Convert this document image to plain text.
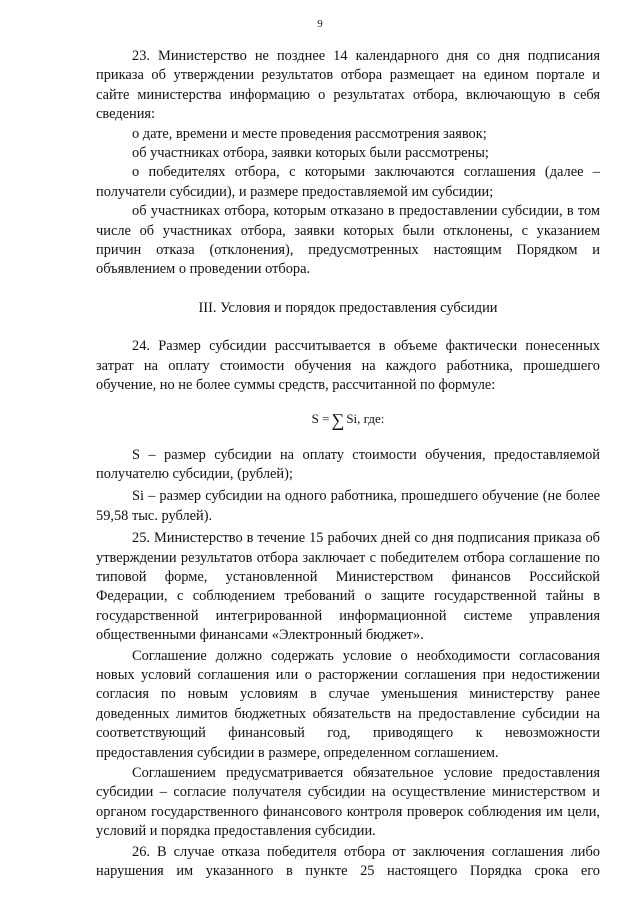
9

23. Министерство не позднее 14 календарного дня со дня подписания приказа об утверждении результатов отбора размещает на едином портале и сайте министерства информацию о результатах отбора, включающую в себя сведения:

о дате, времени и месте проведения рассмотрения заявок;

об участниках отбора, заявки которых были рассмотрены;

о победителях отбора, с которыми заключаются соглашения (далее – получатели субсидии), и размере предоставляемой им субсидии;

об участниках отбора, которым отказано в предоставлении субсидии, в том числе об участниках отбора, заявки которых были отклонены, с указанием причин отказа (отклонения), предусмотренных настоящим Порядком и объявлением о проведении отбора.

III. Условия и порядок предоставления субсидии

24. Размер субсидии рассчитывается в объеме фактически понесенных затрат на оплату стоимости обучения на каждого работника, прошедшего обучение, но не более суммы средств, рассчитанной по формуле:

S = ∑ Si, где:

S – размер субсидии на оплату стоимости обучения, предоставляемой получателю субсидии, (рублей);

Si – размер субсидии на одного работника, прошедшего обучение (не более 59,58 тыс. рублей).

25. Министерство в течение 15 рабочих дней со дня подписания приказа об утверждении результатов отбора заключает с победителем отбора соглашение по типовой форме, установленной Министерством финансов Российской Федерации, с соблюдением требований о защите государственной тайны в государственной интегрированной информационной системе управления общественными финансами «Электронный бюджет».

Соглашение должно содержать условие о необходимости согласования новых условий соглашения или о расторжении соглашения при недостижении согласия по новым условиям в случае уменьшения министерству ранее доведенных лимитов бюджетных обязательств на предоставление субсидии на соответствующий финансовый год, приводящего к невозможности предоставления субсидии в размере, определенном соглашением.

Соглашением предусматривается обязательное условие предоставления субсидии – согласие получателя субсидии на осуществление министерством и органом государственного финансового контроля проверок соблюдения им цели, условий и порядка предоставления субсидии.

26. В случае отказа победителя отбора от заключения соглашения либо нарушения им указанного в пункте 25 настоящего Порядка срока его
